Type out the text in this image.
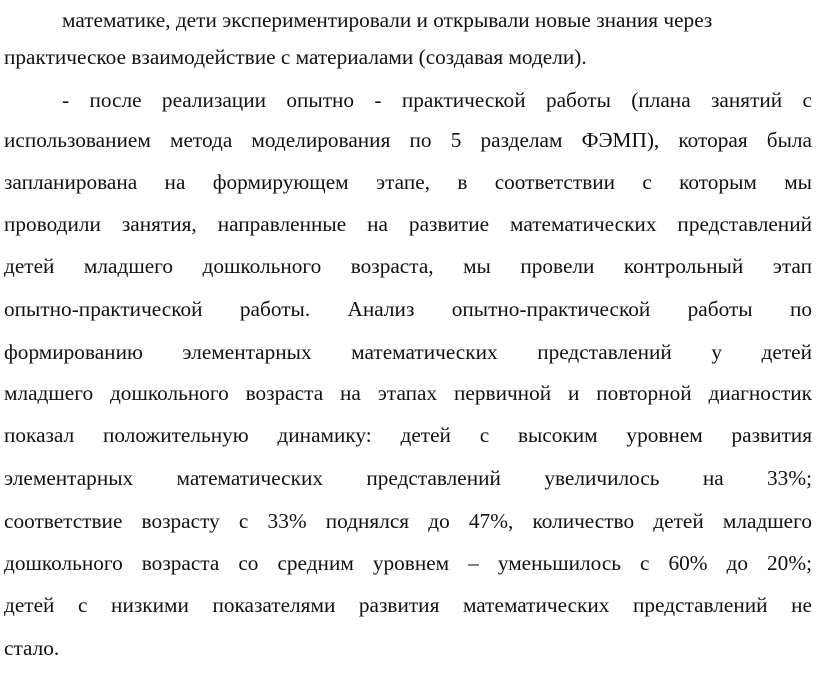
математике, дети экспериментировали и открывали новые знания через
практическое взаимодействие с материалами (создавая модели).
- после реализации опытно - практической работы (плана занятий с
использованием метода моделирования по 5 разделам ФЭМП), которая была
запланирована на формирующем этапе, в соответствии с которым мы
проводили занятия, направленные на развитие математических представлений
детей младшего дошкольного возраста, мы провели контрольный этап
опытно-практической работы. Анализ опытно-практической работы по
формированию элементарных математических представлений у детей
младшего дошкольного возраста на этапах первичной и повторной диагностик
показал положительную динамику: детей с высоким уровнем развития
элементарных математических представлений увеличилось на 33%;
соответствие возрасту с 33% поднялся до 47%, количество детей младшего
дошкольного возраста со средним уровнем – уменьшилось с 60% до 20%;
детей с низкими показателями развития математических представлений не
стало.
